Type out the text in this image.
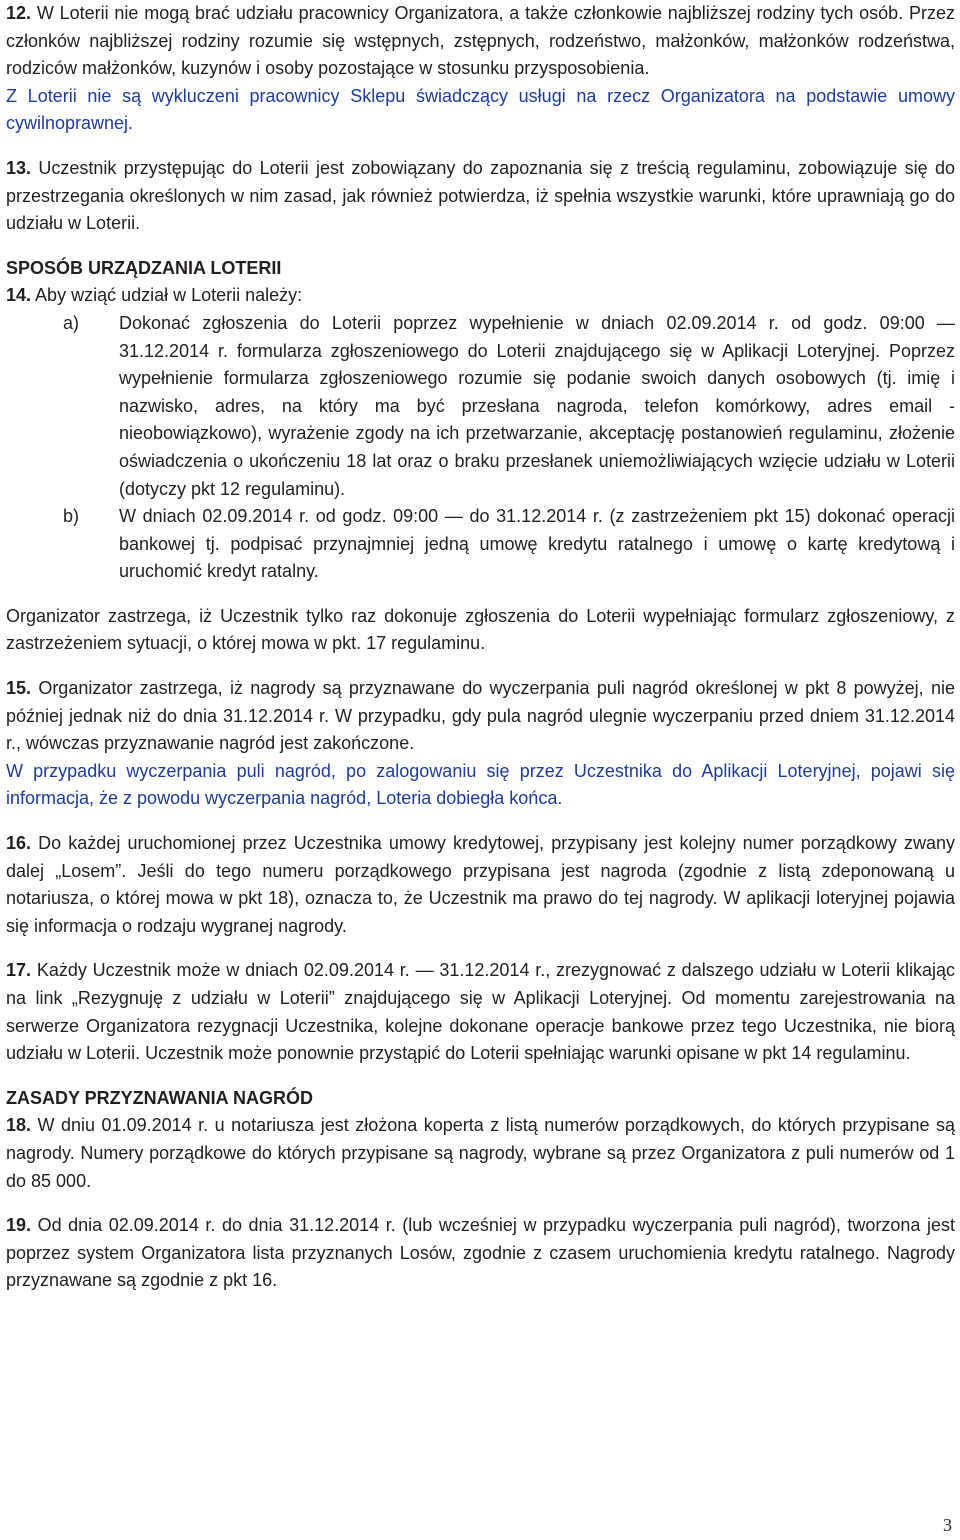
12. W Loterii nie mogą brać udziału pracownicy Organizatora, a także członkowie najbliższej rodziny tych osób. Przez członków najbliższej rodziny rozumie się wstępnych, zstępnych, rodzeństwo, małżonków, małżonków rodzeństwa, rodziców małżonków, kuzynów i osoby pozostające w stosunku przysposobienia.

Z Loterii nie są wykluczeni pracownicy Sklepu świadczący usługi na rzecz Organizatora na podstawie umowy cywilnoprawnej.

13. Uczestnik przystępując do Loterii jest zobowiązany do zapoznania się z treścią regulaminu, zobowiązuje się do przestrzegania określonych w nim zasad, jak również potwierdza, iż spełnia wszystkie warunki, które uprawniają go do udziału w Loterii.

SPOSÓB URZĄDZANIA LOTERII

14. Aby wziąć udział w Loterii należy:

a)	Dokonać zgłoszenia do Loterii poprzez wypełnienie w dniach 02.09.2014 r. od godz. 09:00 — 31.12.2014 r. formularza zgłoszeniowego do Loterii znajdującego się w Aplikacji Loteryjnej. Poprzez wypełnienie formularza zgłoszeniowego rozumie się podanie swoich danych osobowych (tj. imię i nazwisko, adres, na który ma być przesłana nagroda, telefon komórkowy, adres email - nieobowiązkowo), wyrażenie zgody na ich przetwarzanie, akceptację postanowień regulaminu, złożenie oświadczenia o ukończeniu 18 lat oraz o braku przesłanek uniemożliwiających wzięcie udziału w Loterii (dotyczy pkt 12 regulaminu).
b)	W dniach 02.09.2014 r. od godz. 09:00 — do 31.12.2014 r. (z zastrzeżeniem pkt 15) dokonać operacji bankowej tj. podpisać przynajmniej jedną umowę kredytu ratalnego i umowę o kartę kredytową i uruchomić kredyt ratalny.

Organizator zastrzega, iż Uczestnik tylko raz dokonuje zgłoszenia do Loterii wypełniając formularz zgłoszeniowy, z zastrzeżeniem sytuacji, o której mowa w pkt. 17 regulaminu.

15. Organizator zastrzega, iż nagrody są przyznawane do wyczerpania puli nagród określonej w pkt 8 powyżej, nie później jednak niż do dnia 31.12.2014 r. W przypadku, gdy pula nagród ulegnie wyczerpaniu przed dniem 31.12.2014 r., wówczas przyznawanie nagród jest zakończone.

W przypadku wyczerpania puli nagród, po zalogowaniu się przez Uczestnika do Aplikacji Loteryjnej, pojawi się informacja, że z powodu wyczerpania nagród, Loteria dobiegła końca.

16. Do każdej uruchomionej przez Uczestnika umowy kredytowej, przypisany jest kolejny numer porządkowy zwany dalej „Losem”. Jeśli do tego numeru porządkowego przypisana jest nagroda (zgodnie z listą zdeponowaną u notariusza, o której mowa w pkt 18), oznacza to, że Uczestnik ma prawo do tej nagrody. W aplikacji loteryjnej pojawia się informacja o rodzaju wygranej nagrody.

17. Każdy Uczestnik może w dniach 02.09.2014 r. — 31.12.2014 r., zrezygnować z dalszego udziału w Loterii klikając na link „Rezygnuję z udziału w Loterii” znajdującego się w Aplikacji Loteryjnej. Od momentu zarejestrowania na serwerze Organizatora rezygnacji Uczestnika, kolejne dokonane operacje bankowe przez tego Uczestnika, nie biorą udziału w Loterii. Uczestnik może ponownie przystąpić do Loterii spełniając warunki opisane w pkt 14 regulaminu.

ZASADY PRZYZNAWANIA NAGRÓD

18. W dniu 01.09.2014 r. u notariusza jest złożona koperta z listą numerów porządkowych, do których przypisane są nagrody. Numery porządkowe do których przypisane są nagrody, wybrane są przez Organizatora z puli numerów od 1 do 85 000.

19. Od dnia 02.09.2014 r. do dnia 31.12.2014 r. (lub wcześniej w przypadku wyczerpania puli nagród), tworzona jest poprzez system Organizatora lista przyznanych Losów, zgodnie z czasem uruchomienia kredytu ratalnego. Nagrody przyznawane są zgodnie z pkt 16.

3
